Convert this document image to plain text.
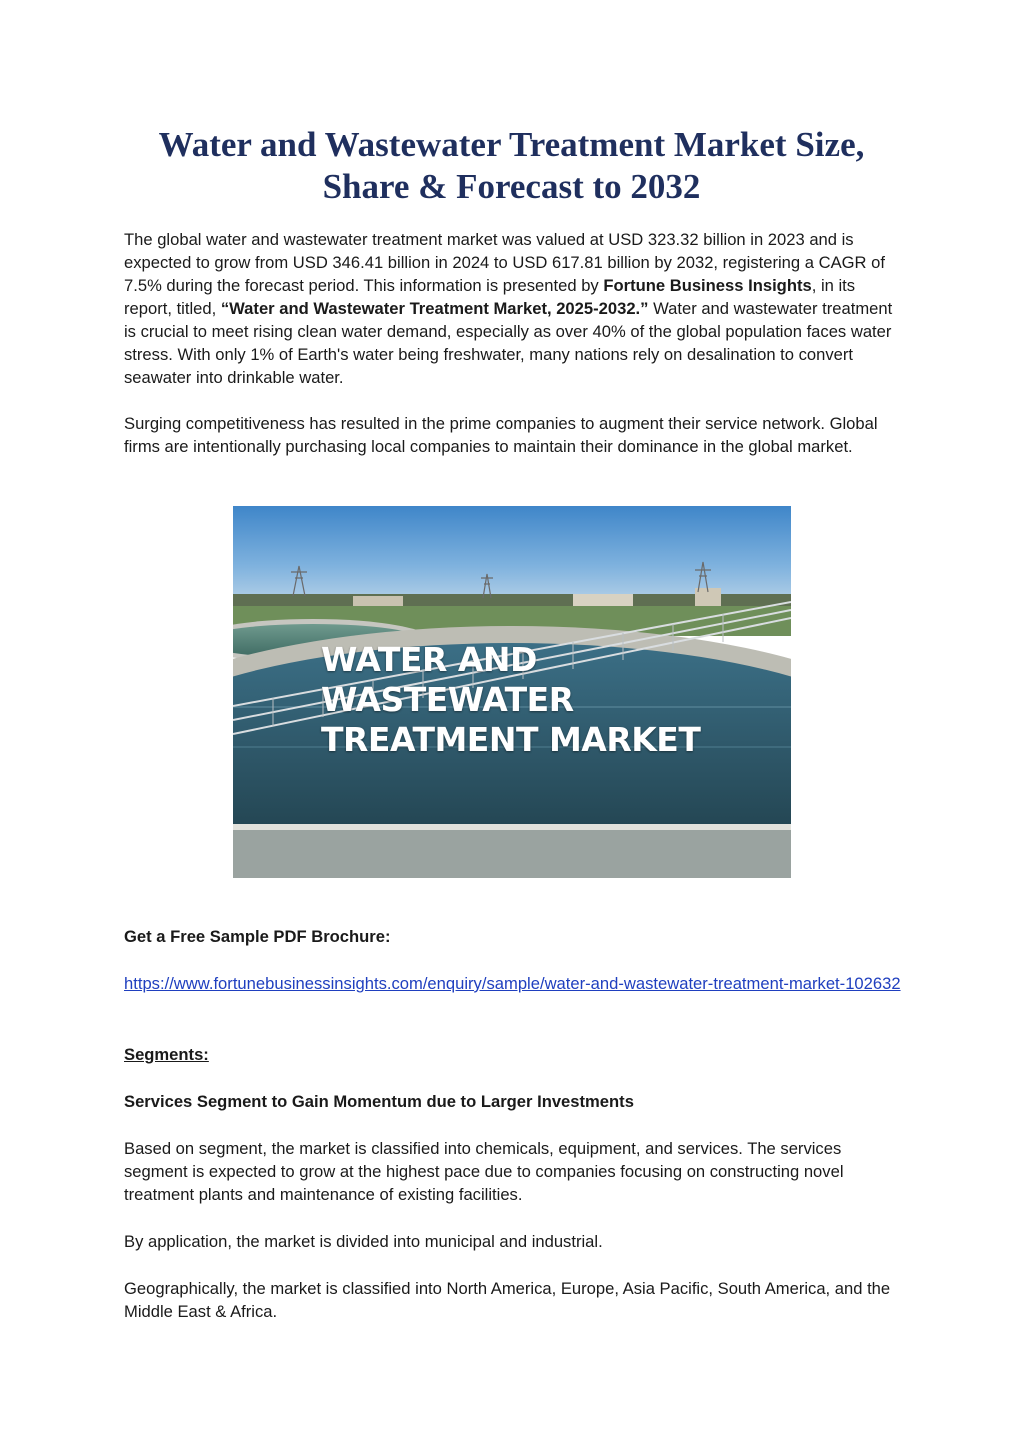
Water and Wastewater Treatment Market Size,
Share & Forecast to 2032

The global water and wastewater treatment market was valued at USD 323.32 billion in 2023 and is expected to grow from USD 346.41 billion in 2024 to USD 617.81 billion by 2032, registering a CAGR of 7.5% during the forecast period. This information is presented by Fortune Business Insights, in its report, titled, “Water and Wastewater Treatment Market, 2025-2032.” Water and wastewater treatment is crucial to meet rising clean water demand, especially as over 40% of the global population faces water stress. With only 1% of Earth's water being freshwater, many nations rely on desalination to convert seawater into drinkable water.

Surging competitiveness has resulted in the prime companies to augment their service network. Global firms are intentionally purchasing local companies to maintain their dominance in the global market.

WATER AND
WASTEWATER
TREATMENT MARKET

Get a Free Sample PDF Brochure:

https://www.fortunebusinessinsights.com/enquiry/sample/water-and-wastewater-treatment-market-102632

Segments:

Services Segment to Gain Momentum due to Larger Investments

Based on segment, the market is classified into chemicals, equipment, and services. The services segment is expected to grow at the highest pace due to companies focusing on constructing novel treatment plants and maintenance of existing facilities.

By application, the market is divided into municipal and industrial.

Geographically, the market is classified into North America, Europe, Asia Pacific, South America, and the Middle East & Africa.
